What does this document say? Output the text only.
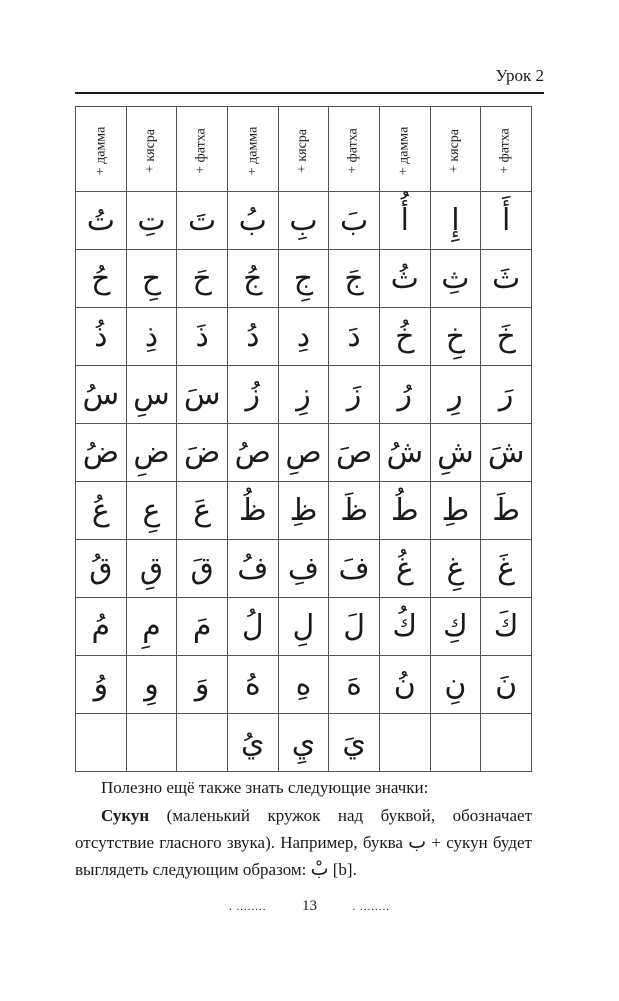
Урок 2
+ дамма	+ кясра	+ фатха	+ дамма	+ кясра	+ фатха	+ дамма	+ кясра	+ фатха
تُ	تِ	تَ	بُ	بِ	بَ	أُ	إِ	أَ
حُ	حِ	حَ	جُ	جِ	جَ	ثُ	ثِ	ثَ
ذُ	ذِ	ذَ	دُ	دِ	دَ	خُ	خِ	خَ
سُ	سِ	سَ	زُ	زِ	زَ	رُ	رِ	رَ
ضُ	ضِ	ضَ	صُ	صِ	صَ	شُ	شِ	شَ
عُ	عِ	عَ	ظُ	ظِ	ظَ	طُ	طِ	طَ
قُ	قِ	قَ	فُ	فِ	فَ	غُ	غِ	غَ
مُ	مِ	مَ	لُ	لِ	لَ	كُ	كِ	كَ
وُ	وِ	وَ	هُ	هِ	هَ	نُ	نِ	نَ
			يُ	يِ	يَ			
Полезно ещё также знать следующие значки:
Сукун (маленький кружок над буквой, обозначает отсутствие гласного звука). Например, буква ب + сукун будет выглядеть следующим образом: بْ [b].
. ........ 13	. ........
